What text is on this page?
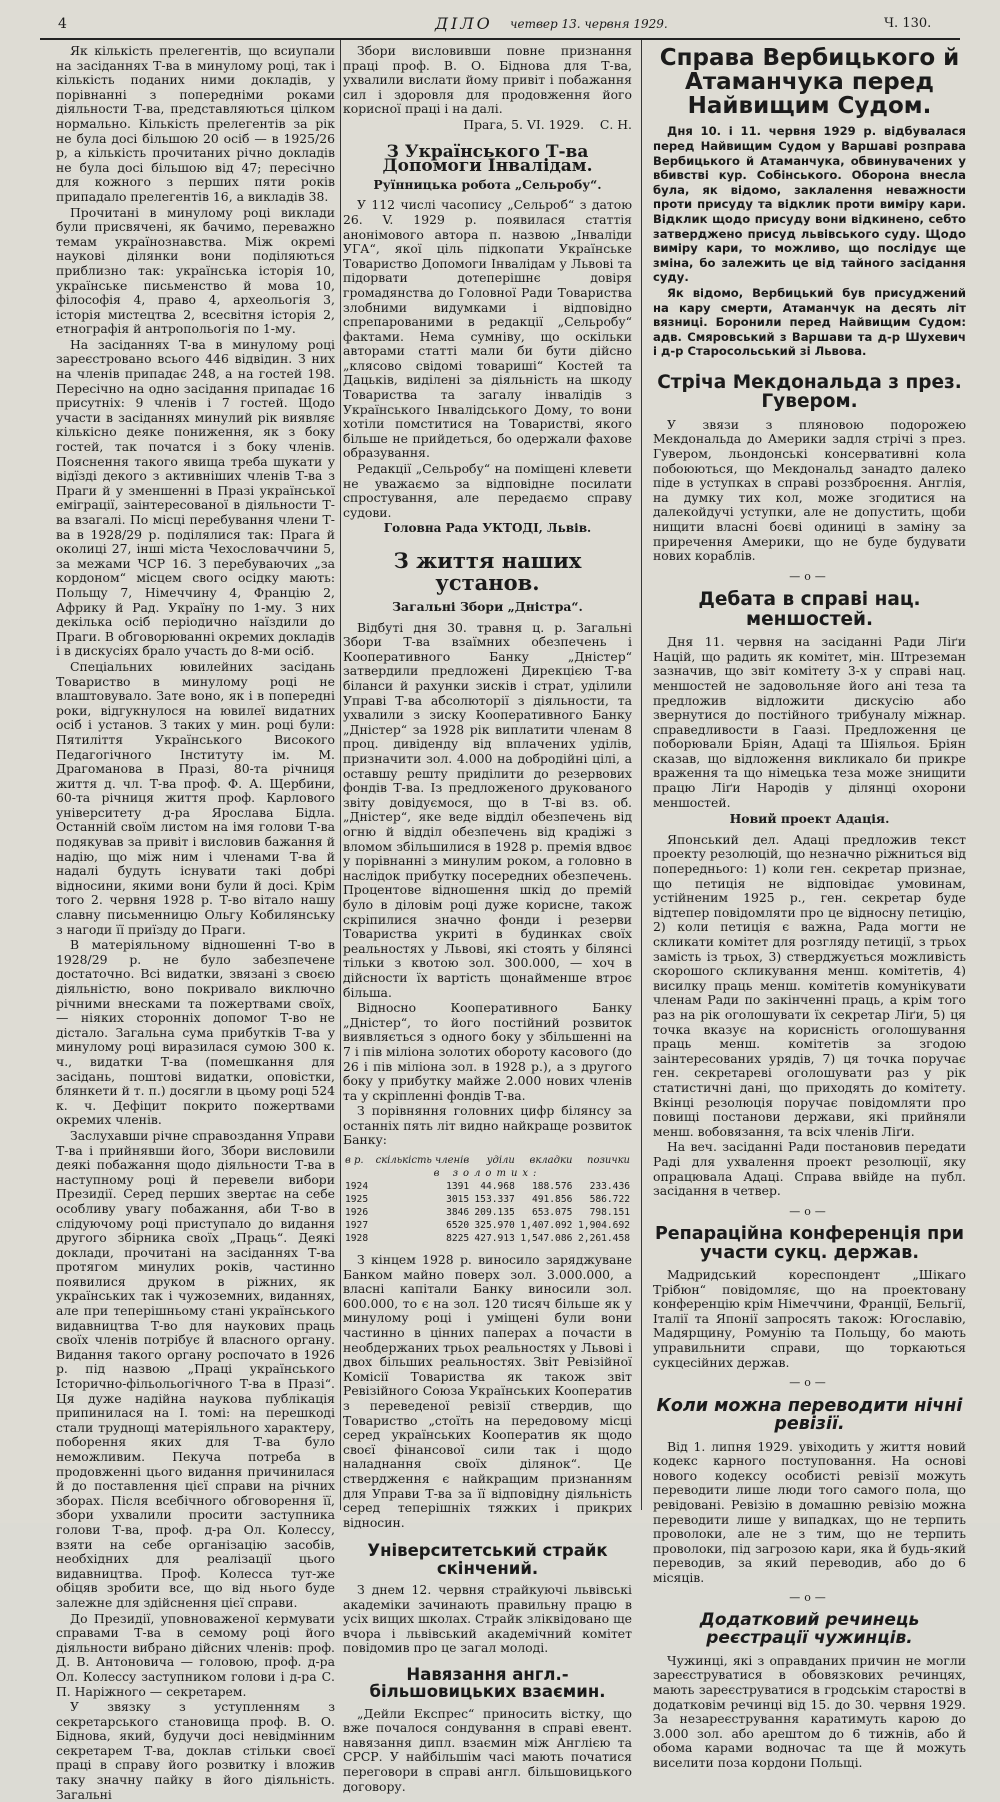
4	ДІЛО четвер 13. червня 1929.	Ч. 130.

Як кількість прелегентів, що всиупали на засіданнях Т-ва в минулому році, так і кількість поданих ними докладів, у порівнанні з попередніми роками діяльности Т-ва, представляються цілком нормально. Кількість прелегентів за рік не була досі більшою 20 осіб — в 1925/26 р, а кількість прочитаних річно докладів не була досі більшою від 47; пересічно для кожного з перших пяти років припадало прелегентів 16, а викладів 38.

Прочитані в минулому році виклади були присвячені, як бачимо, переважно темам українознавства. Між окремі наукові ділянки вони поділяються приблизно так: українська історія 10, українське письменство й мова 10, філософія 4, право 4, археольогія 3, історія мистецтва 2, всесвітня історія 2, етнографія й антропольогія по 1-му.

На засіданнях Т-ва в минулому році зареєстровано всього 446 відвідин. З них на членів припадає 248, а на гостей 198. Пересічно на одно засідання припадає 16 присутніх: 9 членів і 7 гостей. Щодо участи в засіданнях минулий рік виявляє кількісно деяке пониження, як з боку гостей, так початся і з боку членів. Пояснення такого явища треба шукати у відїзді декого з активніших членів Т-ва з Праги й у зменшенні в Празі української еміграції, заінтересованої в діяльности Т-ва взагалі. По місці перебування члени Т-ва в 1928/29 р. поділялися так: Прага й околиці 27, інші міста Чехословаччини 5, за межами ЧСР 16. З перебуваючих „за кордоном“ місцем свого осідку мають: Польщу 7, Німеччину 4, Францію 2, Африку й Рад. Україну по 1-му. З них декілька осіб періодично наїздили до Праги. В обговорюванні окремих докладів і в дискусіях брало участь до 8-ми осіб.

Спеціальних ювилейних засідань Товариство в минулому році не влаштовувало. Зате воно, як і в попередні роки, відгукнулося на ювилеї видатних осіб і установ. З таких у мин. році були: Пятиліття Українського Високого Педагогічного Інституту ім. М. Драгоманова в Празі, 80-та річниця життя д. чл. Т-ва проф. Ф. А. Щербини, 60-та річниця життя проф. Карлового університету д-ра Ярослава Бідла. Останній своїм листом на імя голови Т-ва подякував за привіт і висловив бажання й надію, що між ним і членами Т-ва й надалі будуть існувати такі добрі відносини, якими вони були й досі. Крім того 2. червня 1928 р. Т-во вітало нашу славну письменницю Ольгу Кобилянську з нагоди її приїзду до Праги.

В матеріяльному відношенні Т-во в 1928/29 р. не було забезпечене достаточно. Всі видатки, звязані з своєю діяльністю, воно покривало виключно річними внесками та пожертвами своїх, — ніяких сторонніх допомог Т-во не дістало. Загальна сума прибутків Т-ва у минулому році виразилася сумою 300 к. ч., видатки Т-ва (помешкання для засідань, поштові видатки, оповістки, блянкети й т. п.) досягли в цьому році 524 к. ч. Дефіцит покрито пожертвами окремих членів.

Заслухавши річне справоздання Управи Т-ва і прийнявши його, Збори висловили деякі побажання щодо діяльности Т-ва в наступному році й перевели вибори Президії. Серед перших звертає на себе особливу увагу побажання, аби Т-во в слідуючому році приступало до видання другого збірника своїх „Праць“. Деякі доклади, прочитані на засіданнях Т-ва протягом минулих років, частинно появилися друком в ріжних, як українських так і чужоземних, виданнях, але при теперішньому стані українського видавництва Т-во для наукових праць своїх членів потрібує й власного органу. Видання такого органу роспочато в 1926 р. під назвою „Праці українського Історично-фільольогічного Т-ва в Празі“. Ця дуже надійна наукова публікація припинилася на І. томі: на перешкоді стали труднощі матеріяльного характеру, поборення яких для Т-ва було неможливим. Пекуча потреба в продовженні цього видання причинилася й до поставлення цієї справи на річних зборах. Після всебічного обговорення її, збори ухвалили просити заступника голови Т-ва, проф. д-ра Ол. Колессу, взяти на себе організацію засобів, необхідних для реалізації цього видавництва. Проф. Колесса тут-же обіцяв зробити все, що від нього буде залежне для здійснення цієї справи.

До Президії, уповноваженої кермувати справами Т-ва в семому році його діяльности вибрано дійсних членів: проф. Д. В. Антоновича — головою, проф. д-ра Ол. Колессу заступником голови і д-ра С. П. Наріжного — секретарем.

У звязку з уступленням з секретарського становища проф. В. О. Біднова, який, будучи досі невідмінним секретарем Т-ва, доклав стільки своєї праці в справу його розвитку і вложив таку значну пайку в його діяльність. Загальні

Збори висловивши повне признання праці проф. В. О. Біднова для Т-ва, ухвалили вислати йому привіт і побажання сил і здоровля для продовження його корисної праці і на далі.

Прага, 5. VI. 1929. С. Н.

З Українського Т-ва Допомоги Інвалідам.
Руїнницька робота „Сельробу“.

У 112 числі часопису „Сельроб“ з датою 26. V. 1929 р. появилася статтія анонімового автора п. назвою „Інваліди УГА“, якої ціль підкопати Українське Товариство Допомоги Інвалідам у Львові та підорвати дотеперішнє довіря громадянства до Головної Ради Товариства злобними видумками і відповідно спрепарованими в редакції „Сельробу“ фактами. Нема сумніву, що оскільки авторами статті мали би бути дійсно „клясово свідомі товариші“ Костей та Дацьків, виділені за діяльність на шкоду Товариства та загалу інвалідів з Українського Інвалідського Дому, то вони хотіли помститися на Товаристві, якого більше не прийдеться, бо одержали фахове образування.

Редакції „Сельробу“ на поміщені клевети не уважаємо за відповідне посилати спростування, але передаємо справу судови.

Головна Рада УКТОДІ, Львів.

З життя наших установ.
Загальні Збори „Дністра“.

Відбуті дня 30. травня ц. р. Загальні Збори Т-ва взаїмних обезпечень і Кооперативного Банку „Дністер“ затвердили предложені Дирекцією Т-ва біланси й рахунки зисків і страт, уділили Управі Т-ва абсолюторії з діяльности, та ухвалили з зиску Кооперативного Банку „Дністер“ за 1928 рік виплатити членам 8 проц. дивіденду від вплачених уділів, призначити зол. 4.000 на добродійні цілі, а оставшу решту приділити до резервових фондів Т-ва. Із предложеного друкованого звіту довідуємося, що в Т-ві вз. об. „Дністер“, яке веде відділ обезпечень від огню й відділ обезпечень від крадіжі з вломом збільшилися в 1928 р. премія вдвоє у порівнанні з минулим роком, а головно в наслідок прибутку посередних обезпечень. Процентове відношення шкід до премій було в діловім році дуже корисне, також скріпилися значно фонди і резерви Товариства укриті в будинках своїх реальностях у Львові, які стоять у білянсі тільки з квотою зол. 300.000, — хоч в дійсности їх вартість щонайменше втроє більша.

Відносно Кооперативного Банку „Дністер“, то його постійний розвиток виявляється з одного боку у збільшенні на 7 і пів міліона золотих обороту касового (до 26 і пів міліона зол. в 1928 р.), а з другого боку у прибутку майже 2.000 нових членів та у скріпленні фондів Т-ва.

З порівняння головних цифр білянсу за останніх пять літ видно найкраще розвиток Банку:

в р.	скількість членів	уділи	вкладки	позички
в золотих:				
1924	1391	44.968	188.576	233.436
1925	3015	153.337	491.856	586.722
1926	3846	209.135	653.075	798.151
1927	6520	325.970	1,407.092	1,904.692
1928	8225	427.913	1,547.086	2,261.458

З кінцем 1928 р. виносило заряджуване Банком майно поверх зол. 3.000.000, а власні капітали Банку виносили зол. 600.000, то є на зол. 120 тисяч більше як у минулому році і уміщені були вони частинно в цінних паперах а почасти в необдержаних трьох реальностях у Львові і двох більших реальностях. Звіт Ревізійної Комісії Товариства як також звіт Ревізійного Союза Українських Кооператив з переведеної ревізії ствердив, що Товариство „стоїть на передовому місці серед українських Кооператив як щодо своєї фінансової сили так і щодо наладнання своїх ділянок“. Це ствердження є найкращим признанням для Управи Т-ва за її відповідну діяльність серед теперішніх тяжких і прикрих відносин.

Університетський страйк скінчений.

З днем 12. червня страйкуючі львівські академіки зачинають правильну працю в усіх вищих школах. Страйк зліквідовано ще вчора і львівський академічний комітет повідомив про це загал молоді.

Навязання англ.-більшовицьких взаємин.

„Дейли Експрес“ приносить вістку, що вже почалося сондування в справі евент. навязання дипл. взаємин між Англією та СРСР. У найбільшім часі мають початися переговори в справі англ. більшовицького договору.

Справа Вербицького й Атаманчука перед Найвищим Судом.

Дня 10. і 11. червня 1929 р. відбувалася перед Найвищим Судом у Варшаві розправа Вербицького й Атаманчука, обвинувачених у вбивстві кур. Собінського. Оборона внесла була, як відомо, заклалення неважности проти присуду та відклик проти виміру кари. Відклик щодо присуду вони відкинено, себто затверджено присуд львівського суду. Щодо виміру кари, то можливо, що послідує ще зміна, бо залежить це від тайного засідання суду.

Як відомо, Вербицький був присуджений на кару смерти, Атаманчук на десять літ вязниці. Боронили перед Найвищим Судом: адв. Смяровський з Варшави та д-р Шухевич і д-р Старосольський зі Львова.

Стріча Мекдональда з през. Гувером.

У звязи з пляновою подорожею Мекдональда до Америки задля стрічі з през. Гувером, льондонські консервативні кола побоюються, що Мекдональд занадто далеко піде в уступках в справі роззброєння. Англія, на думку тих кол, може згодитися на далекойдучі уступки, але не допустить, щоби нищити власні боєві одиниці в заміну за приречення Америки, що не буде будувати нових кораблів.

—o—
Дебата в справі нац. меншостей.

Дня 11. червня на засіданні Ради Ліґи Націй, що радить як комітет, мін. Штреземан зазначив, що звіт комітету 3-х у справі нац. меншостей не задовольняе його ані теза та предложив відложити дискусію або звернутися до постійного трибуналу міжнар. справедливости в Гаазі. Предложення це поборювали Бріян, Адаці та Шіяльоя. Бріян сказав, що відложення викликало би прикре враження та що німецька теза може знищити працю Ліґи Народів у ділянці охорони меншостей.

Новий проект Адація.

Японський дел. Адаці предложив текст проекту резолюцій, що незначно ріжниться від попереднього: 1) коли ген. секретар признае, що петиція не відповідає умовинам, устійненим 1925 р., ген. секретар буде відтепер повідомляти про це відносну петицію, 2) коли петиція є важна, Рада могти не скликати комітет для розгляду петиції, з трьох замість із трьох, 3) стверджується можливість скорошого скликування менш. комітетів, 4) висилку праць менш. комітетів комунікувати членам Ради по закінченні праць, а крім того раз на рік оголошувати їх секретар Ліґи, 5) ця точка вказує на корисність оголошування праць менш. комітетів за згодою заінтересованих урядів, 7) ця точка поручає ген. секретареві оголошувати раз у рік статистичні дані, що приходять до комітету. Вкінці резолюція поручає повідомляти про повищі постанови держави, які прийняли менш. вобовязання, та всіх членів Ліґи.

На веч. засіданні Ради постановив передати Раді для ухвалення проект резолюції, яку опрацювала Адаці. Справа ввійде на публ. засідання в четвер.

—o—
Репараційна конференція при участи сукц. держав.

Мадридський кореспондент „Шікаго Трібюн“ повідомляє, що на проектовану конференцію крім Німеччини, Франції, Бельгії, Італії та Японії запросять також: Югославію, Мадярщину, Ромунію та Польщу, бо мають управильнити справи, що торкаються сукцесійних держав.

—o—
Коли можна переводити нічні ревізії.

Від 1. липня 1929. увіходить у життя новий кодекс карного поступовання. На основі нового кодексу особисті ревізії можуть переводити лише люди того самого пола, що ревідовані. Ревізію в домашню ревізію можна переводити лише у випадках, що не терпить проволоки, але не з тим, що не терпить проволоки, під загрозою кари, яка й будь-який переводив, за який переводив, або до 6 місяців.

—o—
Додатковий речинець реєстрації чужинців.

Чужинці, які з оправданих причин не могли зареєструватися в обовязкових речинцях, мають зареєструватися в гродськім старостві в додатковім речинці від 15. до 30. червня 1929. За незареєстрування каратимуть карою до 3.000 зол. або арештом до 6 тижнів, або й обома карами водночас та ще й можуть виселити поза кордони Польщі.
